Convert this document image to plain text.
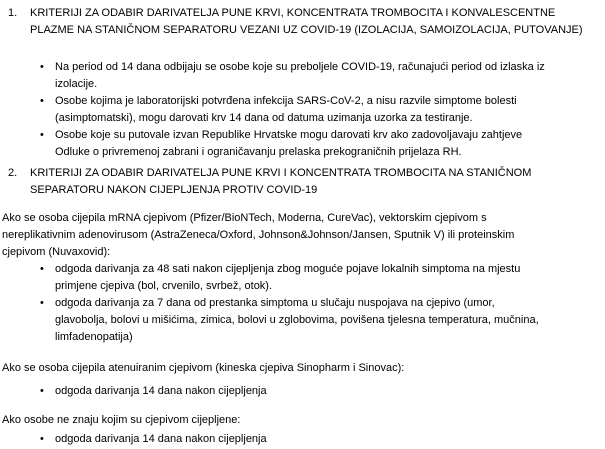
1.	KRITERIJI ZA ODABIR DARIVATELJA PUNE KRVI, KONCENTRATA TROMBOCITA I KONVALESCENTNE PLAZME NA STANIČNOM SEPARATORU VEZANI UZ COVID-19 (IZOLACIJA, SAMOIZOLACIJA, PUTOVANJE)
• Na period od 14 dana odbijaju se osobe koje su preboljele COVID-19, računajući period od izlaska iz izolacije.
• Osobe kojima je laboratorijski potvrđena infekcija SARS-CoV-2, a nisu razvile simptome bolesti (asimptomatski), mogu darovati krv 14 dana od datuma uzimanja uzorka za testiranje.
• Osobe koje su putovale izvan Republike Hrvatske mogu darovati krv ako zadovoljavaju zahtjeve Odluke o privremenoj zabrani i ograničavanju prelaska prekograničnih prijelaza RH.
2.	KRITERIJI ZA ODABIR DARIVATELJA PUNE KRVI I KONCENTRATA TROMBOCITA NA STANIČNOM SEPARATORU NAKON CIJEPLJENJA PROTIV COVID-19

Ako se osoba cijepila mRNA cjepivom (Pfizer/BioNTech, Moderna, CureVac), vektorskim cjepivom s nereplikativnim adenovirusom (AstraZeneca/Oxford, Johnson&Johnson/Jansen, Sputnik V) ili proteinskim cjepivom (Nuvaxovid):

• odgoda darivanja za 48 sati nakon cijepljenja zbog moguće pojave lokalnih simptoma na mjestu primjene cjepiva (bol, crvenilo, svrbež, otok).
• odgoda darivanja za 7 dana od prestanka simptoma u slučaju nuspojava na cjepivo (umor, glavobolja, bolovi u mišićima, zimica, bolovi u zglobovima, povišena tjelesna temperatura, mučnina, limfadenopatija)

Ako se osoba cijepila atenuiranim cjepivom (kineska cjepiva Sinopharm i Sinovac):

• odgoda darivanja 14 dana nakon cijepljenja

Ako osobe ne znaju kojim su cjepivom cijepljene:

• odgoda darivanja 14 dana nakon cijepljenja
